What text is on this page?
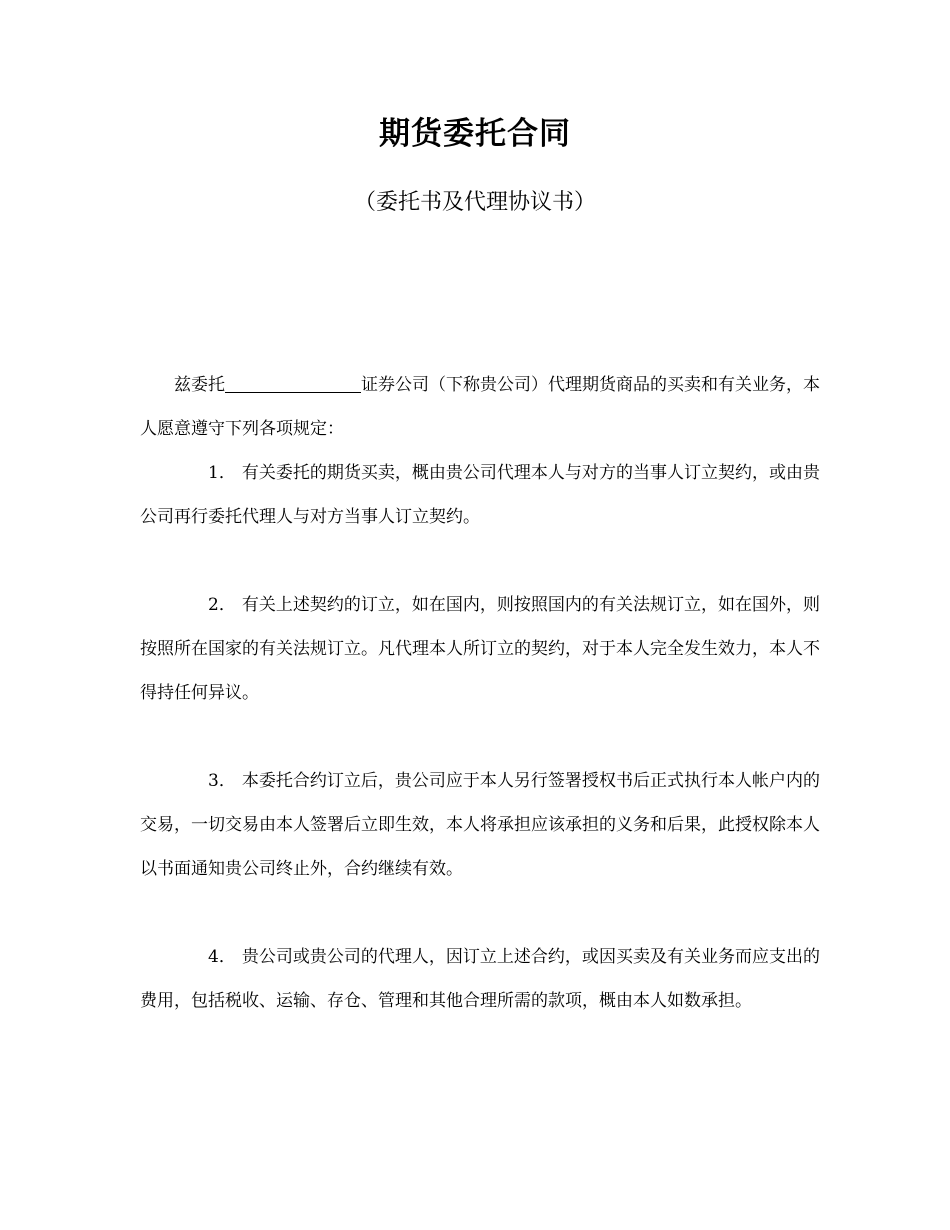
期货委托合同
（委托书及代理协议书）

兹委托	证券公司（下称贵公司）代理期货商品的买卖和有关业务，本人愿意遵守下列各项规定：

1． 有关委托的期货买卖，概由贵公司代理本人与对方的当事人订立契约，或由贵公司再行委托代理人与对方当事人订立契约。

2． 有关上述契约的订立，如在国内，则按照国内的有关法规订立，如在国外，则按照所在国家的有关法规订立。凡代理本人所订立的契约，对于本人完全发生效力，本人不得持任何异议。

3． 本委托合约订立后，贵公司应于本人另行签署授权书后正式执行本人帐户内的交易，一切交易由本人签署后立即生效，本人将承担应该承担的义务和后果，此授权除本人以书面通知贵公司终止外，合约继续有效。

4． 贵公司或贵公司的代理人，因订立上述合约，或因买卖及有关业务而应支出的费用，包括税收、运输、存仓、管理和其他合理所需的款项，概由本人如数承担。
